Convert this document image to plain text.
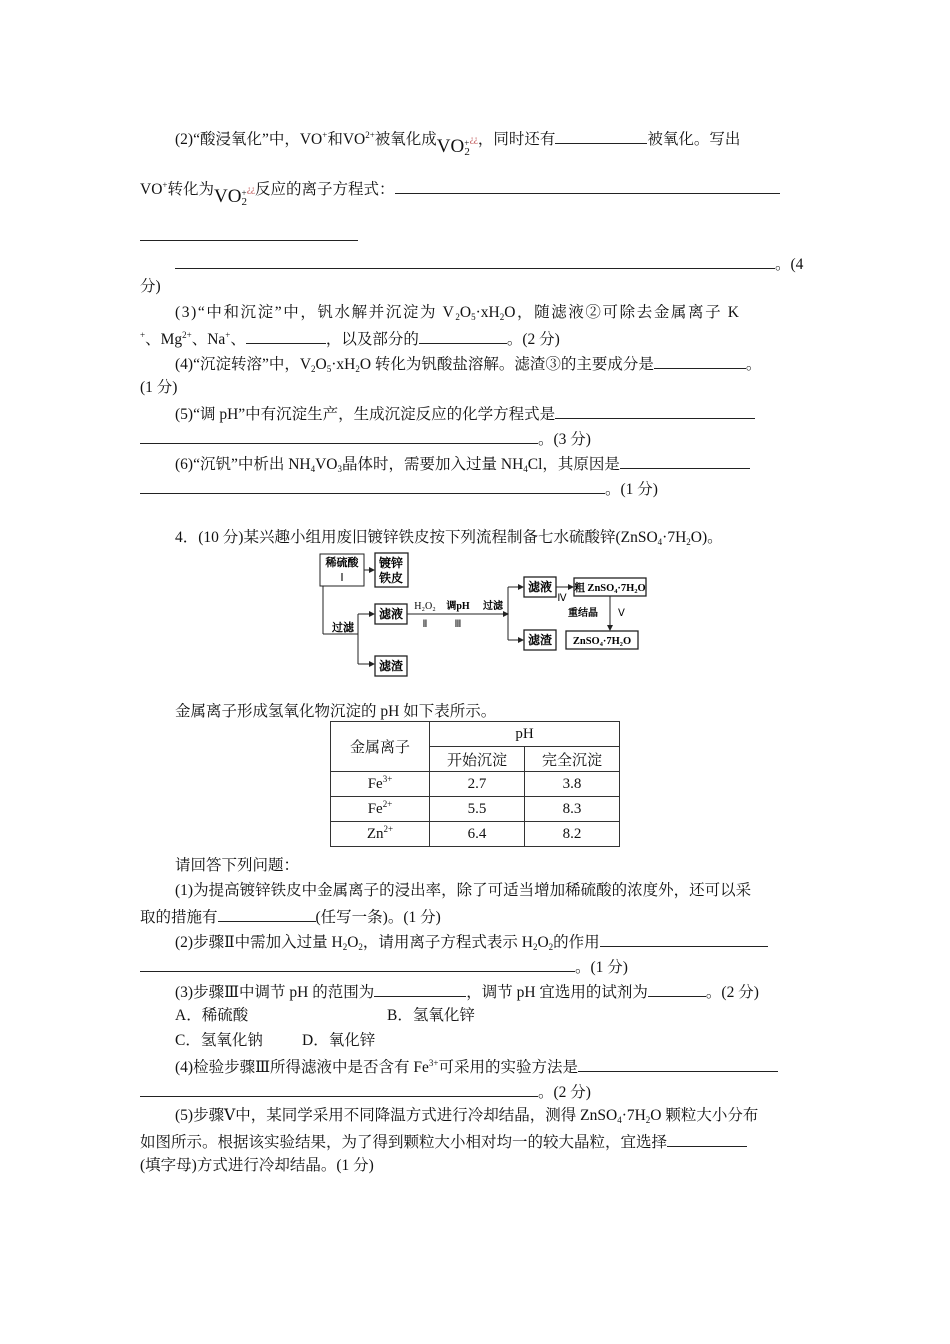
(2)“酸浸氧化”中，VO+和$VO^{2+}$被氧化成$VO^+_2^{¿¿}$，同时还有	被氧化。写出
VO+转化为$VO^+_2^{¿¿}$反应的离子方程式：
。(4
分)
(3)“中和沉淀”中，钒水解并沉淀为 $V_2O_5\cdot xH_2O$，随滤液②可除去金属离子 K
+、$Mg^{2+}$、Na+、	，以及部分的	。(2 分)
(4)“沉淀转溶”中，$V_2O_5\cdot xH_2O$ 转化为钒酸盐溶解。滤渣③的主要成分是	。
(1 分)
(5)“调 pH”中有沉淀生产，生成沉淀反应的化学方程式是
。(3 分)
(6)“沉钒”中析出 $NH_4VO_3$晶体时，需要加入过量 $NH_4Cl$，其原因是
。(1 分)
4．(10 分)某兴趣小组用废旧镀锌铁皮按下列流程制备七水硫酸锌$(ZnSO_4\cdot 7H_2O)$。
稀硫酸
Ⅰ
镀锌
铁皮
过滤
滤液
滤渣
H₂O₂
Ⅱ
调pH
Ⅲ
过滤
滤液
滤渣
Ⅳ
粗 ZnSO₄·7H₂O
重结晶 Ⅴ
ZnSO₄·7H₂O
金属离子形成氢氧化物沉淀的 pH 如下表所示。
金属离子	pH	
	开始沉淀	完全沉淀
$Fe^{3+}$	2.7	3.8
$Fe^{2+}$	5.5	8.3
$Zn^{2+}$	6.4	8.2
请回答下列问题：
(1)为提高镀锌铁皮中金属离子的浸出率，除了可适当增加稀硫酸的浓度外，还可以采
取的措施有	(任写一条)。(1 分)
(2)步骤Ⅱ中需加入过量 $H_2O_2$，请用离子方程式表示 $H_2O_2$的作用
。(1 分)
(3)步骤Ⅲ中调节 pH 的范围为	，调节 pH 宜选用的试剂为	。(2 分)
A．稀硫酸	B．氢氧化锌
C．氢氧化钠	D．氧化锌
(4)检验步骤Ⅲ所得滤液中是否含有 $Fe^{3+}$可采用的实验方法是
。(2 分)
(5)步骤Ⅴ中，某同学采用不同降温方式进行冷却结晶，测得 $ZnSO_4\cdot 7H_2O$ 颗粒大小分布
如图所示。根据该实验结果，为了得到颗粒大小相对均一的较大晶粒，宜选择
(填字母)方式进行冷却结晶。(1 分)
